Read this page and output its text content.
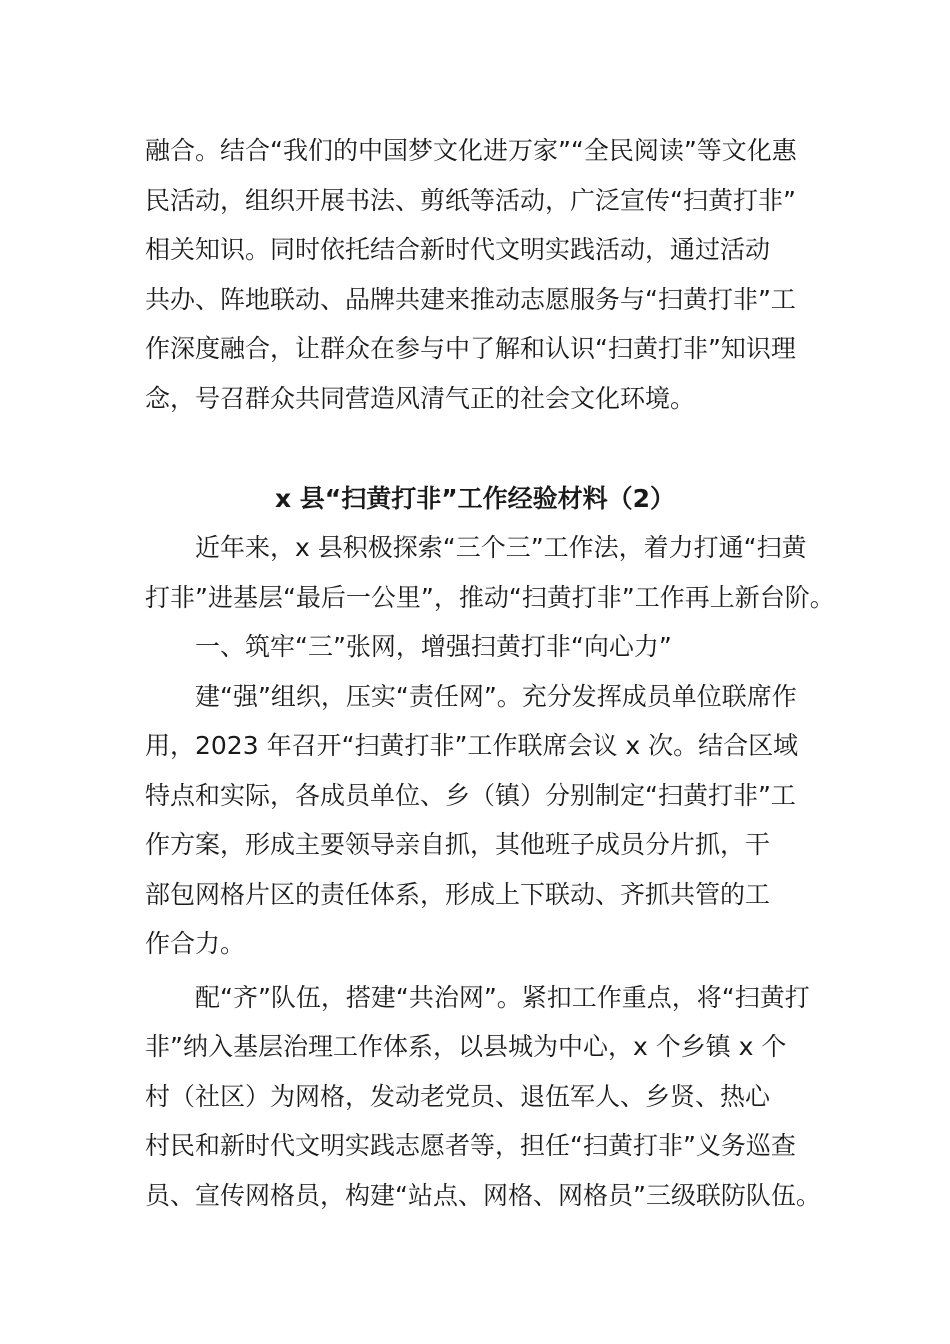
融合。结合“我们的中国梦文化进万家”“全民阅读”等文化惠
民活动，组织开展书法、剪纸等活动，广泛宣传“扫黄打非”
相关知识。同时依托结合新时代文明实践活动，通过活动
共办、阵地联动、品牌共建来推动志愿服务与“扫黄打非”工
作深度融合，让群众在参与中了解和认识“扫黄打非”知识理
念，号召群众共同营造风清气正的社会文化环境。
x 县“扫黄打非”工作经验材料（2）
　　近年来，x 县积极探索“三个三”工作法，着力打通“扫黄
打非”进基层“最后一公里”，推动“扫黄打非”工作再上新台阶。
　　一、筑牢“三”张网，增强扫黄打非“向心力”
　　建“强”组织，压实“责任网”。充分发挥成员单位联席作
用，2023 年召开“扫黄打非”工作联席会议 x 次。结合区域
特点和实际，各成员单位、乡（镇）分别制定“扫黄打非”工
作方案，形成主要领导亲自抓，其他班子成员分片抓，干
部包网格片区的责任体系，形成上下联动、齐抓共管的工
作合力。
　　配“齐”队伍，搭建“共治网”。紧扣工作重点，将“扫黄打
非”纳入基层治理工作体系，以县城为中心，x 个乡镇 x 个
村（社区）为网格，发动老党员、退伍军人、乡贤、热心
村民和新时代文明实践志愿者等，担任“扫黄打非”义务巡查
员、宣传网格员，构建“站点、网格、网格员”三级联防队伍。
